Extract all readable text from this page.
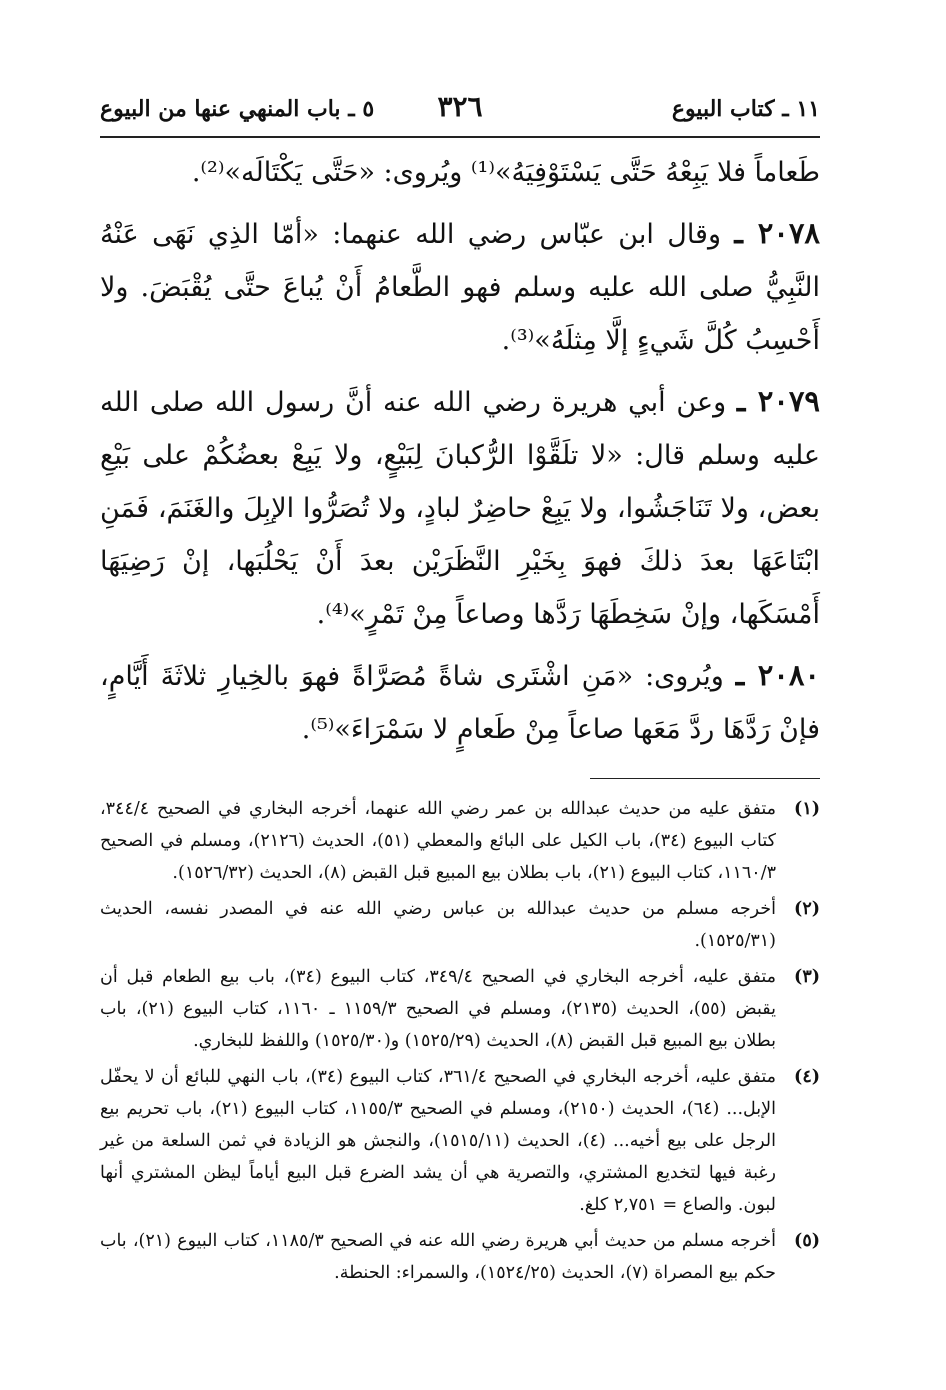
١١ ـ كتاب البيوع
٣٢٦
٥ ـ باب المنهي عنها من البيوع

طَعاماً فلا يَبِعْهُ حَتَّى يَسْتَوْفِيَهُ»⁽¹⁾ ويُروى: «حَتَّى يَكْتَالَه»⁽²⁾.

٢٠٧٨ ـ وقال ابن عبّاس رضي الله عنهما: «أمّا الذِي نَهَى عَنْهُ النَّبِيُّ صلى الله عليه وسلم فهو الطَّعامُ أَنْ يُباعَ حتَّى يُقْبَضَ. ولا أَحْسِبُ كُلَّ شَيءٍ إلَّا مِثلَهُ»⁽³⁾.

٢٠٧٩ ـ وعن أبي هريرة رضي الله عنه أنَّ رسول الله صلى الله عليه وسلم قال: «لا تلَقَّوْا الرُّكبانَ لِبَيْعٍ، ولا يَبِعْ بعضُكُمْ على بَيْعِ بعض، ولا تَنَاجَشُوا، ولا يَبِعْ حاضِرٌ لبادٍ، ولا تُصَرُّوا الإبِلَ والغَنَمَ، فَمَنِ ابْتَاعَهَا بعدَ ذلكَ فهوَ بِخَيْرِ النَّظَرَيْن بعدَ أَنْ يَحْلُبَها، إنْ رَضِيَهَا أَمْسَكَها، وإنْ سَخِطَهَا رَدَّها وصاعاً مِنْ تَمْرٍ»⁽⁴⁾.

٢٠٨٠ ـ ويُروى: «مَنِ اشْتَرى شاةً مُصَرَّاةً فهوَ بالخِيارِ ثلاثَةَ أَيَّامٍ، فإنْ رَدَّهَا ردَّ مَعَها صاعاً مِنْ طَعامٍ لا سَمْرَاءَ»⁽⁵⁾.

(١)
متفق عليه من حديث عبدالله بن عمر رضي الله عنهما، أخرجه البخاري في الصحيح ٣٤٤/٤، كتاب البيوع (٣٤)، باب الكيل على البائع والمعطي (٥١)، الحديث (٢١٢٦)، ومسلم في الصحيح ١١٦٠/٣، كتاب البيوع (٢١)، باب بطلان بيع المبيع قبل القبض (٨)، الحديث (١٥٢٦/٣٢).
(٢)
أخرجه مسلم من حديث عبدالله بن عباس رضي الله عنه في المصدر نفسه، الحديث (١٥٢٥/٣١).
(٣)
متفق عليه، أخرجه البخاري في الصحيح ٣٤٩/٤، كتاب البيوع (٣٤)، باب بيع الطعام قبل أن يقبض (٥٥)، الحديث (٢١٣٥)، ومسلم في الصحيح ١١٥٩/٣ ـ ١١٦٠، كتاب البيوع (٢١)، باب بطلان بيع المبيع قبل القبض (٨)، الحديث (١٥٢٥/٢٩) و(١٥٢٥/٣٠) واللفظ للبخاري.
(٤)
متفق عليه، أخرجه البخاري في الصحيح ٣٦١/٤، كتاب البيوع (٣٤)، باب النهي للبائع أن لا يحفّل الإبل... (٦٤)، الحديث (٢١٥٠)، ومسلم في الصحيح ١١٥٥/٣، كتاب البيوع (٢١)، باب تحريم بيع الرجل على بيع أخيه... (٤)، الحديث (١٥١٥/١١)، والنجش هو الزيادة في ثمن السلعة من غير رغبة فيها لتخديع المشتري، والتصرية هي أن يشد الضرع قبل البيع أياماً ليظن المشتري أنها لبون. والصاع = ٢,٧٥١ كلغ.
(٥)
أخرجه مسلم من حديث أبي هريرة رضي الله عنه في الصحيح ١١٨٥/٣، كتاب البيوع (٢١)، باب حكم بيع المصراة (٧)، الحديث (١٥٢٤/٢٥)، والسمراء: الحنطة.
